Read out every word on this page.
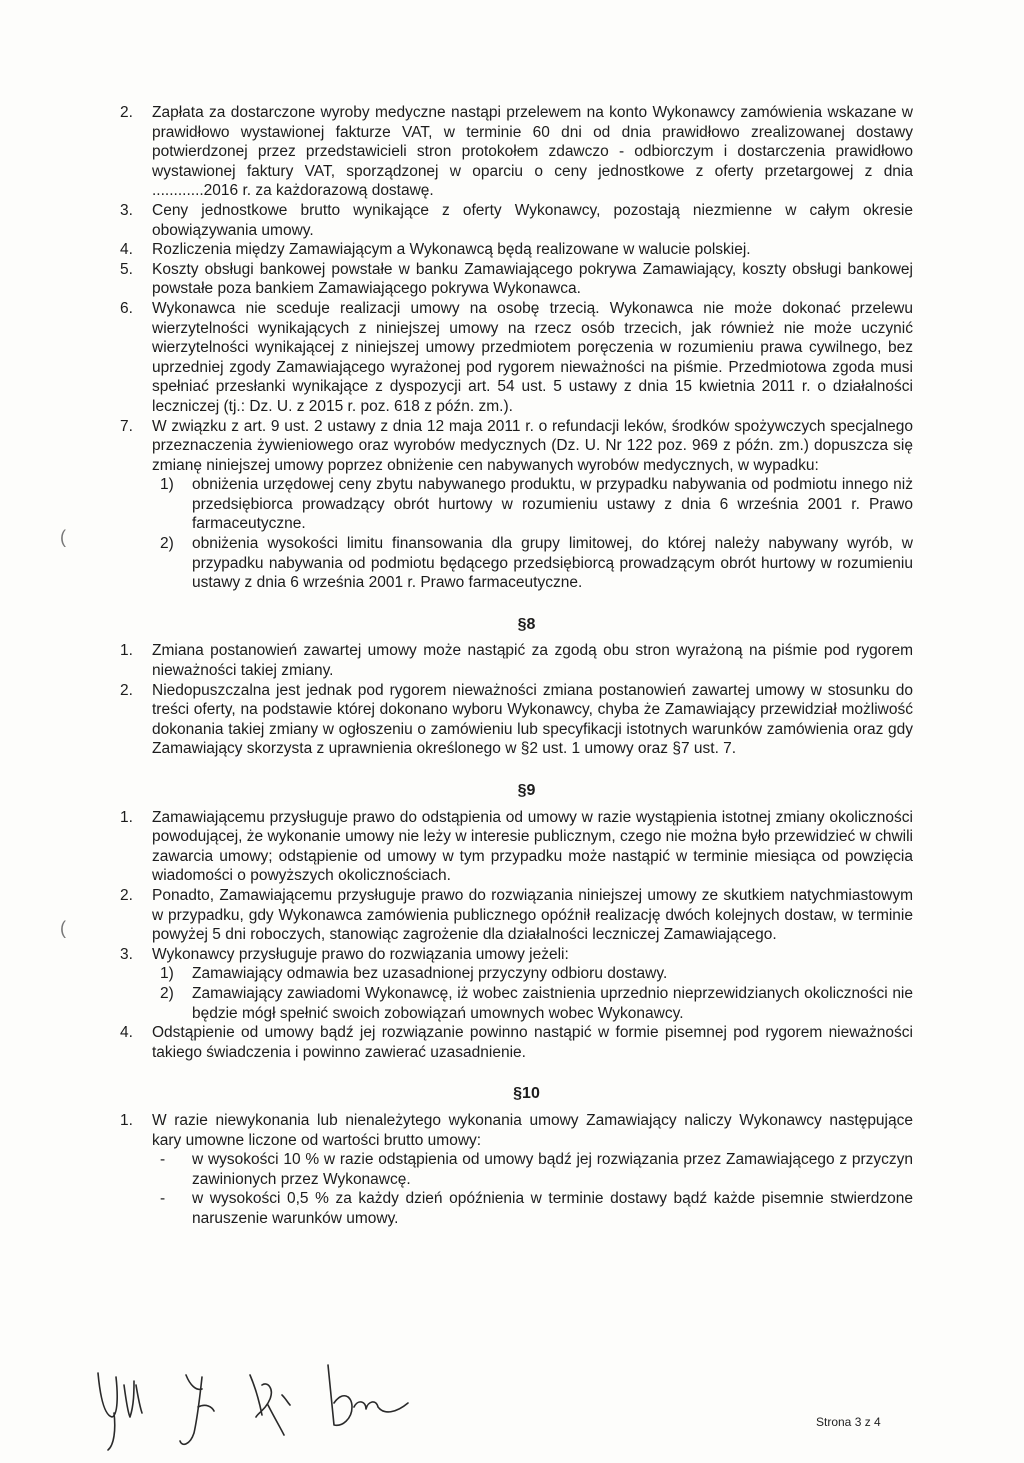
2. Zapłata za dostarczone wyroby medyczne nastąpi przelewem na konto Wykonawcy zamówienia wskazane w prawidłowo wystawionej fakturze VAT, w terminie 60 dni od dnia prawidłowo zrealizowanej dostawy potwierdzonej przez przedstawicieli stron protokołem zdawczo - odbiorczym i dostarczenia prawidłowo wystawionej faktury VAT, sporządzonej w oparciu o ceny jednostkowe z oferty przetargowej z dnia ............2016 r. za każdorazową dostawę.
3. Ceny jednostkowe brutto wynikające z oferty Wykonawcy, pozostają niezmienne w całym okresie obowiązywania umowy.
4. Rozliczenia między Zamawiającym a Wykonawcą będą realizowane w walucie polskiej.
5. Koszty obsługi bankowej powstałe w banku Zamawiającego pokrywa Zamawiający, koszty obsługi bankowej powstałe poza bankiem Zamawiającego pokrywa Wykonawca.
6. Wykonawca nie sceduje realizacji umowy na osobę trzecią. Wykonawca nie może dokonać przelewu wierzytelności wynikających z niniejszej umowy na rzecz osób trzecich, jak również nie może uczynić wierzytelności wynikającej z niniejszej umowy przedmiotem poręczenia w rozumieniu prawa cywilnego, bez uprzedniej zgody Zamawiającego wyrażonej pod rygorem nieważności na piśmie. Przedmiotowa zgoda musi spełniać przesłanki wynikające z dyspozycji art. 54 ust. 5 ustawy z dnia 15 kwietnia 2011 r. o działalności leczniczej (tj.: Dz. U. z 2015 r. poz. 618 z późn. zm.).
7. W związku z art. 9 ust. 2 ustawy z dnia 12 maja 2011 r. o refundacji leków, środków spożywczych specjalnego przeznaczenia żywieniowego oraz wyrobów medycznych (Dz. U. Nr 122 poz. 969 z późn. zm.) dopuszcza się zmianę niniejszej umowy poprzez obniżenie cen nabywanych wyrobów medycznych, w wypadku:
1) obniżenia urzędowej ceny zbytu nabywanego produktu, w przypadku nabywania od podmiotu innego niż przedsiębiorca prowadzący obrót hurtowy w rozumieniu ustawy z dnia 6 września 2001 r. Prawo farmaceutyczne.
2) obniżenia wysokości limitu finansowania dla grupy limitowej, do której należy nabywany wyrób, w przypadku nabywania od podmiotu będącego przedsiębiorcą prowadzącym obrót hurtowy w rozumieniu ustawy z dnia 6 września 2001 r. Prawo farmaceutyczne.
§8
1. Zmiana postanowień zawartej umowy może nastąpić za zgodą obu stron wyrażoną na piśmie pod rygorem nieważności takiej zmiany.
2. Niedopuszczalna jest jednak pod rygorem nieważności zmiana postanowień zawartej umowy w stosunku do treści oferty, na podstawie której dokonano wyboru Wykonawcy, chyba że Zamawiający przewidział możliwość dokonania takiej zmiany w ogłoszeniu o zamówieniu lub specyfikacji istotnych warunków zamówienia oraz gdy Zamawiający skorzysta z uprawnienia określonego w §2 ust. 1 umowy oraz §7 ust. 7.
§9
1. Zamawiającemu przysługuje prawo do odstąpienia od umowy w razie wystąpienia istotnej zmiany okoliczności powodującej, że wykonanie umowy nie leży w interesie publicznym, czego nie można było przewidzieć w chwili zawarcia umowy; odstąpienie od umowy w tym przypadku może nastąpić w terminie miesiąca od powzięcia wiadomości o powyższych okolicznościach.
2. Ponadto, Zamawiającemu przysługuje prawo do rozwiązania niniejszej umowy ze skutkiem natychmiastowym w przypadku, gdy Wykonawca zamówienia publicznego opóźnił realizację dwóch kolejnych dostaw, w terminie powyżej 5 dni roboczych, stanowiąc zagrożenie dla działalności leczniczej Zamawiającego.
3. Wykonawcy przysługuje prawo do rozwiązania umowy jeżeli:
1) Zamawiający odmawia bez uzasadnionej przyczyny odbioru dostawy.
2) Zamawiający zawiadomi Wykonawcę, iż wobec zaistnienia uprzednio nieprzewidzianych okoliczności nie będzie mógł spełnić swoich zobowiązań umownych wobec Wykonawcy.
4. Odstąpienie od umowy bądź jej rozwiązanie powinno nastąpić w formie pisemnej pod rygorem nieważności takiego świadczenia i powinno zawierać uzasadnienie.
§10
1. W razie niewykonania lub nienależytego wykonania umowy Zamawiający naliczy Wykonawcy następujące kary umowne liczone od wartości brutto umowy:
- w wysokości 10 % w razie odstąpienia od umowy bądź jej rozwiązania przez Zamawiającego z przyczyn zawinionych przez Wykonawcę.
- w wysokości 0,5 % za każdy dzień opóźnienia w terminie dostawy bądź każde pisemnie stwierdzone naruszenie warunków umowy.
(
(
Strona 3 z 4
